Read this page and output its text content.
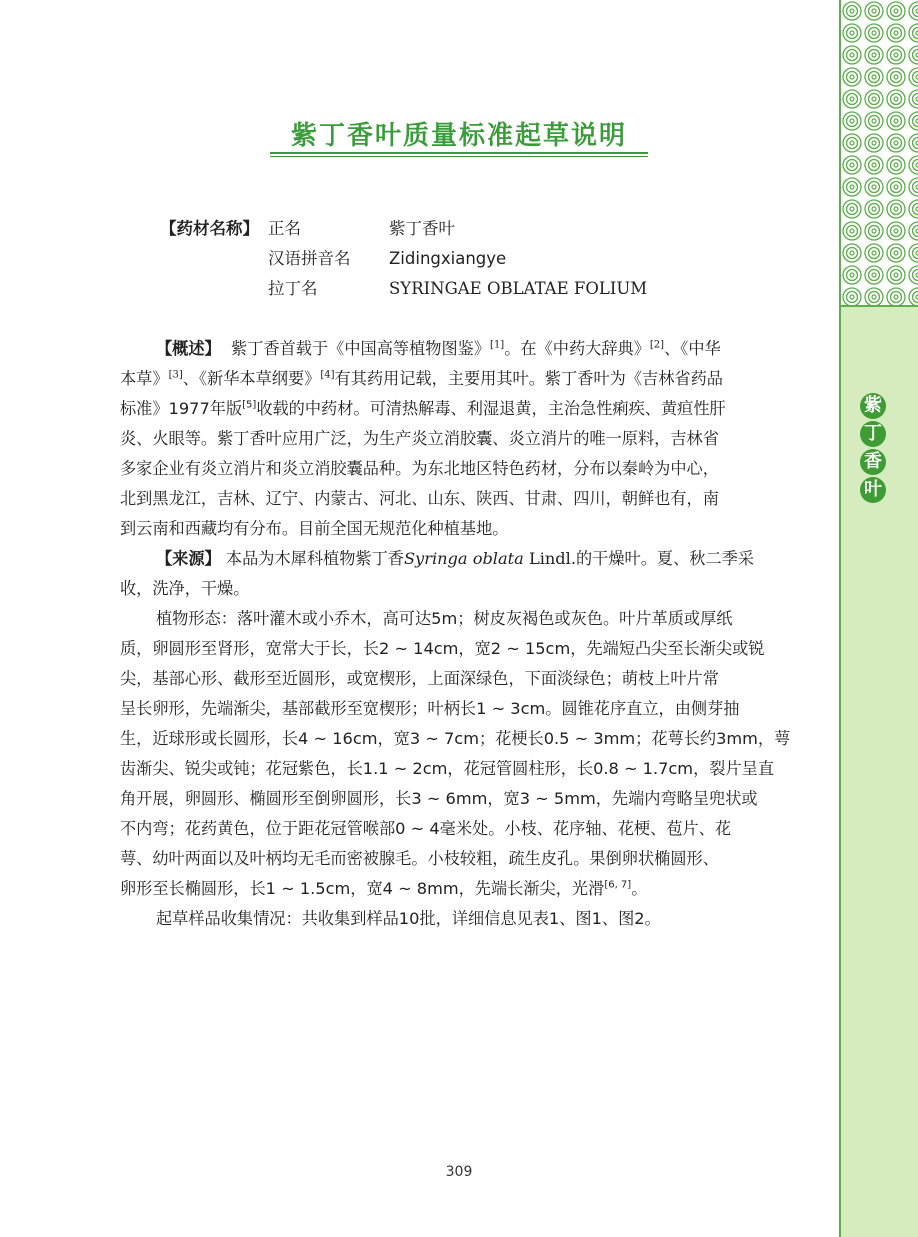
紫
丁
香
叶
紫丁香叶质量标准起草说明
【药材名称】 正名	紫丁香叶
汉语拼音名 Zidingxiangye
拉丁名	SYRINGAE OBLATAE FOLIUM

【概述】 紫丁香首载于《中国高等植物图鉴》[1]。在《中药大辞典》[2]、《中华

本草》[3]、《新华本草纲要》[4]有其药用记载，主要用其叶。紫丁香叶为《吉林省药品

标准》1977年版[5]收载的中药材。可清热解毒、利湿退黄，主治急性痢疾、黄疸性肝

炎、火眼等。紫丁香叶应用广泛，为生产炎立消胶囊、炎立消片的唯一原料，吉林省

多家企业有炎立消片和炎立消胶囊品种。为东北地区特色药材，分布以秦岭为中心，

北到黑龙江，吉林、辽宁、内蒙古、河北、山东、陕西、甘肃、四川，朝鲜也有，南

到云南和西藏均有分布。目前全国无规范化种植基地。

【来源】 本品为木犀科植物紫丁香Syringa oblata Lindl.的干燥叶。夏、秋二季采

收，洗净，干燥。

植物形态：落叶灌木或小乔木，高可达5m；树皮灰褐色或灰色。叶片革质或厚纸

质，卵圆形至肾形，宽常大于长，长2 ~ 14cm，宽2 ~ 15cm，先端短凸尖至长渐尖或锐

尖，基部心形、截形至近圆形，或宽楔形，上面深绿色，下面淡绿色；萌枝上叶片常

呈长卵形，先端渐尖，基部截形至宽楔形；叶柄长1 ~ 3cm。圆锥花序直立，由侧芽抽

生，近球形或长圆形，长4 ~ 16cm，宽3 ~ 7cm；花梗长0.5 ~ 3mm；花萼长约3mm，萼

齿渐尖、锐尖或钝；花冠紫色，长1.1 ~ 2cm，花冠管圆柱形，长0.8 ~ 1.7cm，裂片呈直

角开展，卵圆形、椭圆形至倒卵圆形，长3 ~ 6mm，宽3 ~ 5mm，先端内弯略呈兜状或

不内弯；花药黄色，位于距花冠管喉部0 ~ 4毫米处。小枝、花序轴、花梗、苞片、花

萼、幼叶两面以及叶柄均无毛而密被腺毛。小枝较粗，疏生皮孔。果倒卵状椭圆形、

卵形至长椭圆形，长1 ~ 1.5cm，宽4 ~ 8mm，先端长渐尖，光滑[6, 7]。

起草样品收集情况：共收集到样品10批，详细信息见表1、图1、图2。

309
